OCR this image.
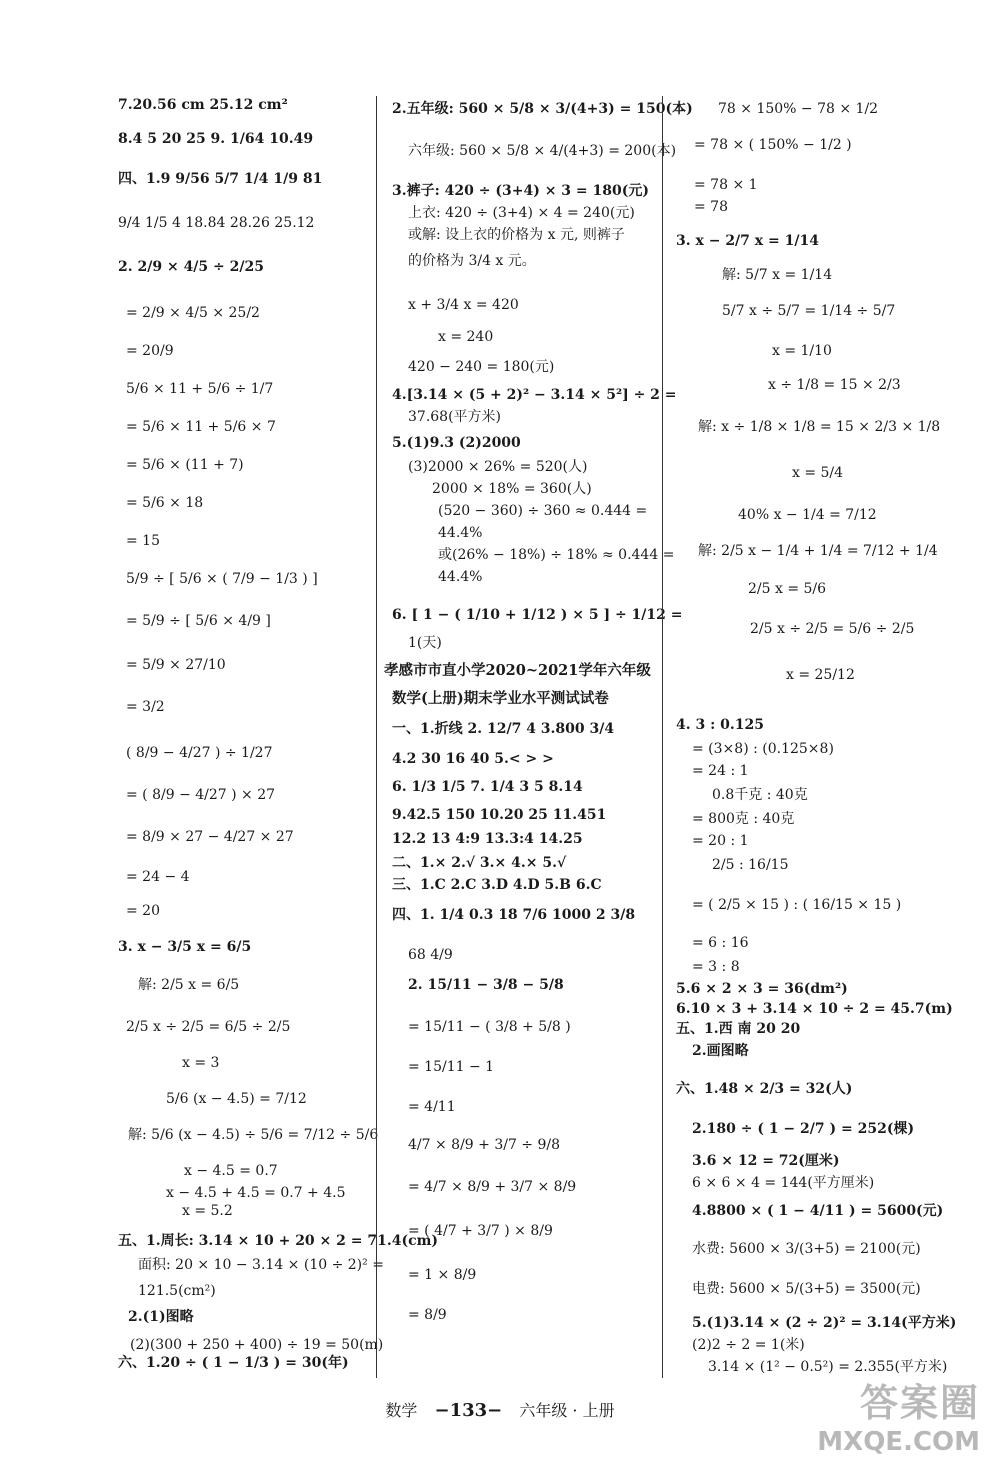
7.20.56 cm 25.12 cm²
8.4 5 20 25 9. 1/64 10.49
四、1.9 9/56 5/7 1/4 1/9 81
9/4 1/5 4 18.84 28.26 25.12
2. 2/9 × 4/5 ÷ 2/25
= 2/9 × 4/5 × 25/2
= 20/9
5/6 × 11 + 5/6 ÷ 1/7
= 5/6 × 11 + 5/6 × 7
= 5/6 × (11 + 7)
= 5/6 × 18
= 15
5/9 ÷ [ 5/6 × ( 7/9 − 1/3 ) ]
= 5/9 ÷ [ 5/6 × 4/9 ]
= 5/9 × 27/10
= 3/2
( 8/9 − 4/27 ) ÷ 1/27
= ( 8/9 − 4/27 ) × 27
= 8/9 × 27 − 4/27 × 27
= 24 − 4
= 20
3. x − 3/5 x = 6/5
解: 2/5 x = 6/5
2/5 x ÷ 2/5 = 6/5 ÷ 2/5
x = 3
5/6 (x − 4.5) = 7/12
解: 5/6 (x − 4.5) ÷ 5/6 = 7/12 ÷ 5/6
x − 4.5 = 0.7
x − 4.5 + 4.5 = 0.7 + 4.5
x = 5.2
五、1.周长: 3.14 × 10 + 20 × 2 = 71.4(cm)
面积: 20 × 10 − 3.14 × (10 ÷ 2)² =
121.5(cm²)
2.(1)图略
(2)(300 + 250 + 400) ÷ 19 = 50(m)
六、1.20 ÷ ( 1 − 1/3 ) = 30(年)
2.五年级: 560 × 5/8 × 3/(4+3) = 150(本)
六年级: 560 × 5/8 × 4/(4+3) = 200(本)
3.裤子: 420 ÷ (3+4) × 3 = 180(元)
上衣: 420 ÷ (3+4) × 4 = 240(元)
或解: 设上衣的价格为 x 元, 则裤子
的价格为 3/4 x 元。
x + 3/4 x = 420
x = 240
420 − 240 = 180(元)
4.[3.14 × (5 + 2)² − 3.14 × 5²] ÷ 2 =
37.68(平方米)
5.(1)9.3 (2)2000
(3)2000 × 26% = 520(人)
2000 × 18% = 360(人)
(520 − 360) ÷ 360 ≈ 0.444 =
44.4%
或(26% − 18%) ÷ 18% ≈ 0.444 =
44.4%
6. [ 1 − ( 1/10 + 1/12 ) × 5 ] ÷ 1/12 =
1(天)
孝感市市直小学2020~2021学年六年级
数学(上册)期末学业水平测试试卷
一、1.折线 2. 12/7 4 3.800 3/4
4.2 30 16 40 5.< > >
6. 1/3 1/5 7. 1/4 3 5 8.14
9.42.5 150 10.20 25 11.451
12.2 13 4:9 13.3:4 14.25
二、1.× 2.√ 3.× 4.× 5.√
三、1.C 2.C 3.D 4.D 5.B 6.C
四、1. 1/4 0.3 18 7/6 1000 2 3/8
68 4/9
2. 15/11 − 3/8 − 5/8
= 15/11 − ( 3/8 + 5/8 )
= 15/11 − 1
= 4/11
4/7 × 8/9 + 3/7 ÷ 9/8
= 4/7 × 8/9 + 3/7 × 8/9
= ( 4/7 + 3/7 ) × 8/9
= 1 × 8/9
= 8/9
78 × 150% − 78 × 1/2
= 78 × ( 150% − 1/2 )
= 78 × 1
= 78
3. x − 2/7 x = 1/14
解: 5/7 x = 1/14
5/7 x ÷ 5/7 = 1/14 ÷ 5/7
x = 1/10
x ÷ 1/8 = 15 × 2/3
解: x ÷ 1/8 × 1/8 = 15 × 2/3 × 1/8
x = 5/4
40% x − 1/4 = 7/12
解: 2/5 x − 1/4 + 1/4 = 7/12 + 1/4
2/5 x = 5/6
2/5 x ÷ 2/5 = 5/6 ÷ 2/5
x = 25/12
4. 3 : 0.125
= (3×8) : (0.125×8)
= 24 : 1
0.8千克 : 40克
= 800克 : 40克
= 20 : 1
2/5 : 16/15
= ( 2/5 × 15 ) : ( 16/15 × 15 )
= 6 : 16
= 3 : 8
5.6 × 2 × 3 = 36(dm²)
6.10 × 3 + 3.14 × 10 ÷ 2 = 45.7(m)
五、1.西 南 20 20
2.画图略
六、1.48 × 2/3 = 32(人)
2.180 ÷ ( 1 − 2/7 ) = 252(棵)
3.6 × 12 = 72(厘米)
6 × 6 × 4 = 144(平方厘米)
4.8800 × ( 1 − 4/11 ) = 5600(元)
水费: 5600 × 3/(3+5) = 2100(元)
电费: 5600 × 5/(3+5) = 3500(元)
5.(1)3.14 × (2 ÷ 2)² = 3.14(平方米)
(2)2 ÷ 2 = 1(米)
3.14 × (1² − 0.5²) = 2.355(平方米)
数学 −133− 六年级 · 上册	答案圈
MXQE.COM
